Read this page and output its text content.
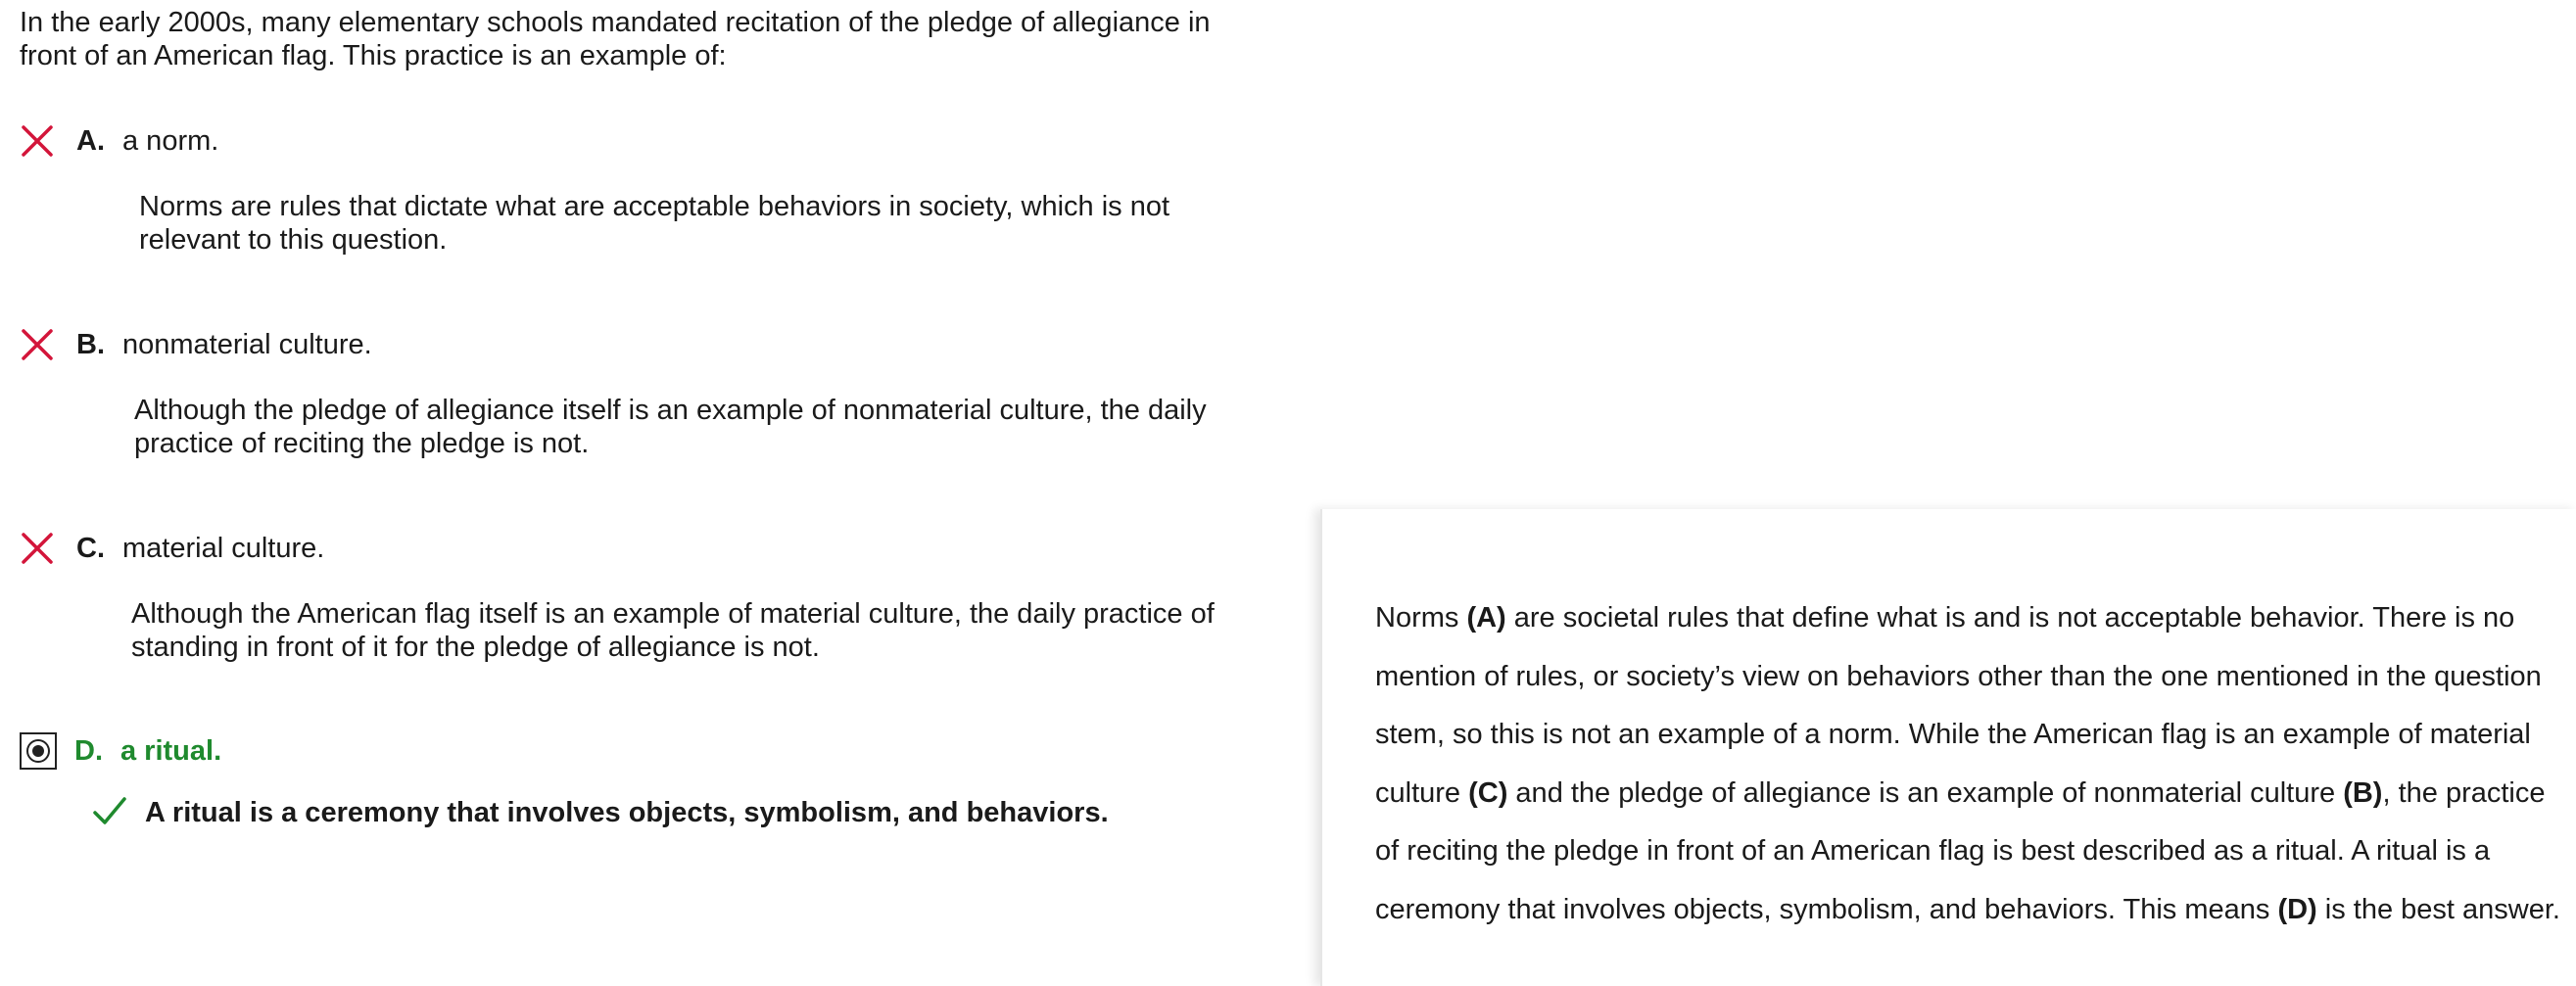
In the early 2000s, many elementary schools mandated recitation of the pledge of allegiance in front of an American flag. This practice is an example of:

A. a norm.

Norms are rules that dictate what are acceptable behaviors in society, which is not relevant to this question.

B. nonmaterial culture.

Although the pledge of allegiance itself is an example of nonmaterial culture, the daily practice of reciting the pledge is not.

C. material culture.

Although the American flag itself is an example of material culture, the daily practice of standing in front of it for the pledge of allegiance is not.

D. a ritual.
A ritual is a ceremony that involves objects, symbolism, and behaviors.

Norms (A) are societal rules that define what is and is not acceptable behavior. There is no mention of rules, or society’s view on behaviors other than the one mentioned in the question stem, so this is not an example of a norm. While the American flag is an example of material culture (C) and the pledge of allegiance is an example of nonmaterial culture (B), the practice of reciting the pledge in front of an American flag is best described as a ritual. A ritual is a ceremony that involves objects, symbolism, and behaviors. This means (D) is the best answer.
